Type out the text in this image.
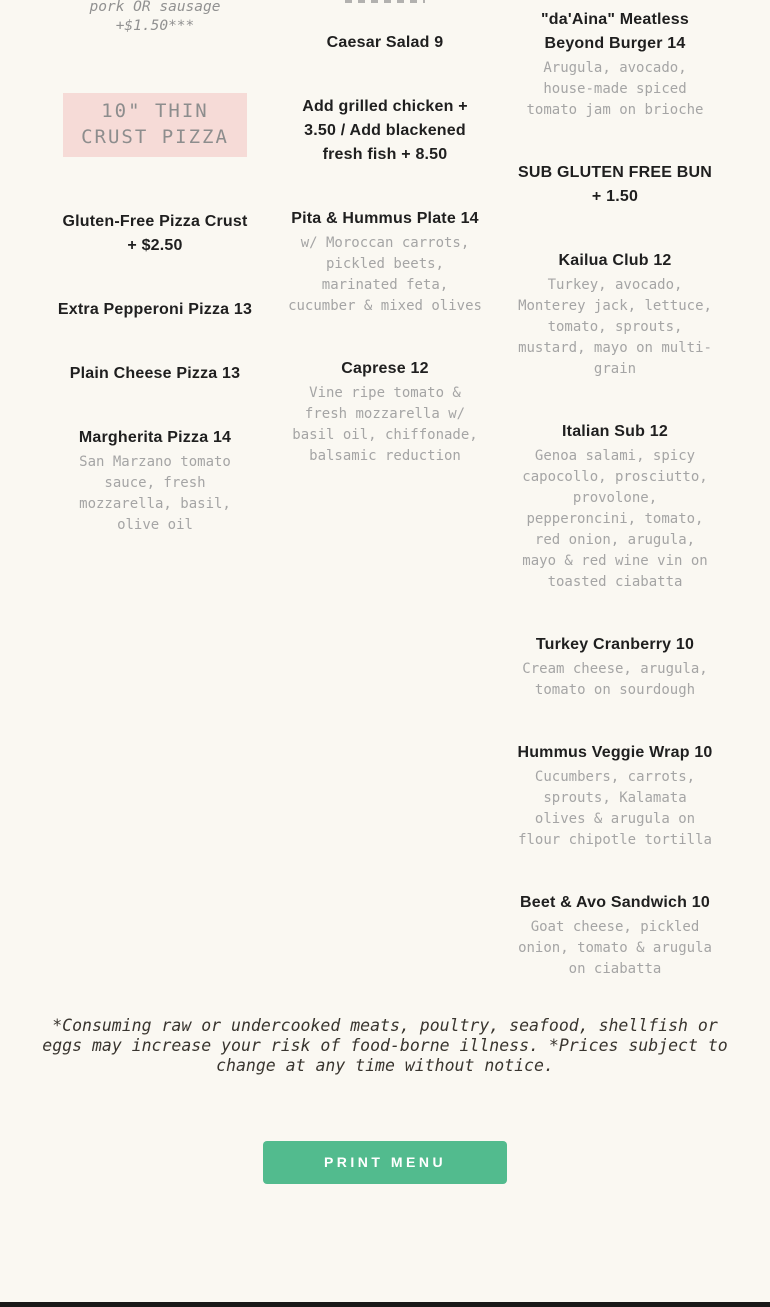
pork OR sausage +$1.50***
10" THIN CRUST PIZZA
Gluten-Free Pizza Crust + $2.50
Extra Pepperoni Pizza 13
Plain Cheese Pizza 13
Margherita Pizza 14
San Marzano tomato sauce, fresh mozzarella, basil, olive oil
Caesar Salad 9
Add grilled chicken + 3.50 / Add blackened fresh fish + 8.50
Pita & Hummus Plate 14
w/ Moroccan carrots, pickled beets, marinated feta, cucumber & mixed olives
Caprese 12
Vine ripe tomato & fresh mozzarella w/ basil oil, chiffonade, balsamic reduction
"da'Aina" Meatless Beyond Burger 14
Arugula, avocado, house-made spiced tomato jam on brioche
SUB GLUTEN FREE BUN + 1.50
Kailua Club 12
Turkey, avocado, Monterey jack, lettuce, tomato, sprouts, mustard, mayo on multi-grain
Italian Sub 12
Genoa salami, spicy capocollo, prosciutto, provolone, pepperoncini, tomato, red onion, arugula, mayo & red wine vin on toasted ciabatta
Turkey Cranberry 10
Cream cheese, arugula, tomato on sourdough
Hummus Veggie Wrap 10
Cucumbers, carrots, sprouts, Kalamata olives & arugula on flour chipotle tortilla
Beet & Avo Sandwich 10
Goat cheese, pickled onion, tomato & arugula on ciabatta
*Consuming raw or undercooked meats, poultry, seafood, shellfish or eggs may increase your risk of food-borne illness. *Prices subject to change at any time without notice.
PRINT MENU
